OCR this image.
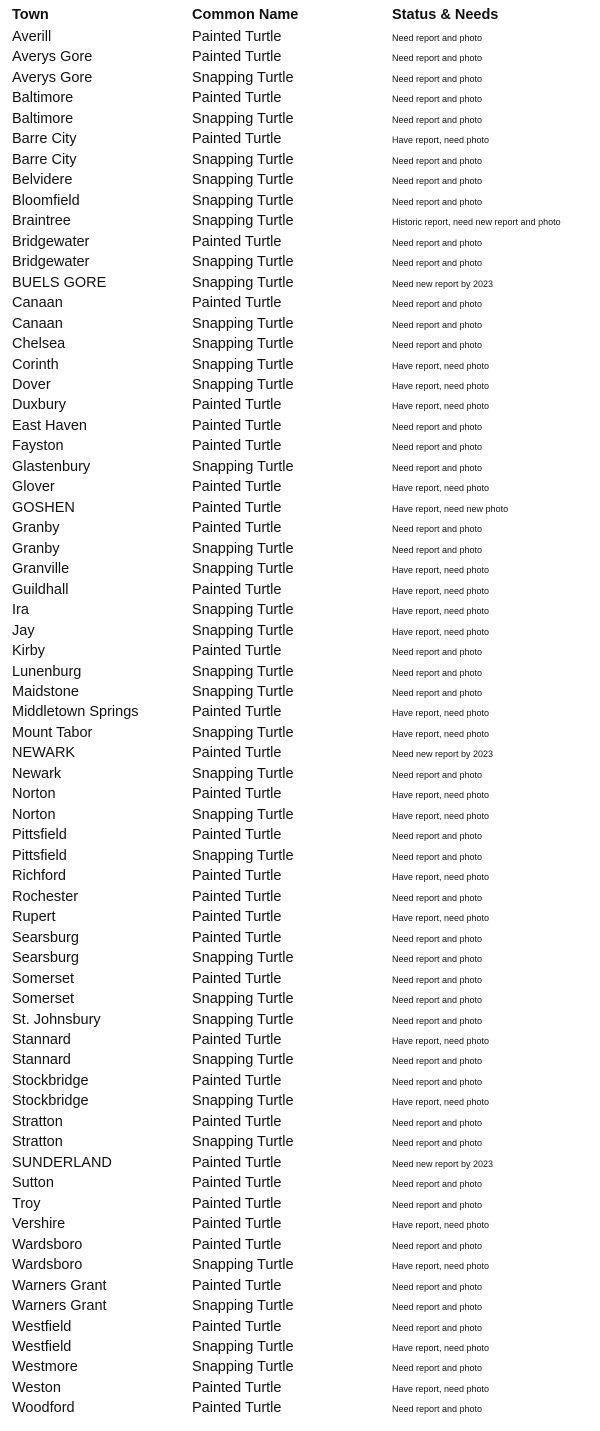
Town	Common Name	Status & Needs
Averill	Painted Turtle	Need report and photo
Averys Gore	Painted Turtle	Need report and photo
Averys Gore	Snapping Turtle	Need report and photo
Baltimore	Painted Turtle	Need report and photo
Baltimore	Snapping Turtle	Need report and photo
Barre City	Painted Turtle	Have report, need photo
Barre City	Snapping Turtle	Need report and photo
Belvidere	Snapping Turtle	Need report and photo
Bloomfield	Snapping Turtle	Need report and photo
Braintree	Snapping Turtle	Historic report, need new report and photo
Bridgewater	Painted Turtle	Need report and photo
Bridgewater	Snapping Turtle	Need report and photo
BUELS GORE	Snapping Turtle	Need new report by 2023
Canaan	Painted Turtle	Need report and photo
Canaan	Snapping Turtle	Need report and photo
Chelsea	Snapping Turtle	Need report and photo
Corinth	Snapping Turtle	Have report, need photo
Dover	Snapping Turtle	Have report, need photo
Duxbury	Painted Turtle	Have report, need photo
East Haven	Painted Turtle	Need report and photo
Fayston	Painted Turtle	Need report and photo
Glastenbury	Snapping Turtle	Need report and photo
Glover	Painted Turtle	Have report, need photo
GOSHEN	Painted Turtle	Have report, need new photo
Granby	Painted Turtle	Need report and photo
Granby	Snapping Turtle	Need report and photo
Granville	Snapping Turtle	Have report, need photo
Guildhall	Painted Turtle	Have report, need photo
Ira	Snapping Turtle	Have report, need photo
Jay	Snapping Turtle	Have report, need photo
Kirby	Painted Turtle	Need report and photo
Lunenburg	Snapping Turtle	Need report and photo
Maidstone	Snapping Turtle	Need report and photo
Middletown Springs	Painted Turtle	Have report, need photo
Mount Tabor	Snapping Turtle	Have report, need photo
NEWARK	Painted Turtle	Need new report by 2023
Newark	Snapping Turtle	Need report and photo
Norton	Painted Turtle	Have report, need photo
Norton	Snapping Turtle	Have report, need photo
Pittsfield	Painted Turtle	Need report and photo
Pittsfield	Snapping Turtle	Need report and photo
Richford	Painted Turtle	Have report, need photo
Rochester	Painted Turtle	Need report and photo
Rupert	Painted Turtle	Have report, need photo
Searsburg	Painted Turtle	Need report and photo
Searsburg	Snapping Turtle	Need report and photo
Somerset	Painted Turtle	Need report and photo
Somerset	Snapping Turtle	Need report and photo
St. Johnsbury	Snapping Turtle	Need report and photo
Stannard	Painted Turtle	Have report, need photo
Stannard	Snapping Turtle	Need report and photo
Stockbridge	Painted Turtle	Need report and photo
Stockbridge	Snapping Turtle	Have report, need photo
Stratton	Painted Turtle	Need report and photo
Stratton	Snapping Turtle	Need report and photo
SUNDERLAND	Painted Turtle	Need new report by 2023
Sutton	Painted Turtle	Need report and photo
Troy	Painted Turtle	Need report and photo
Vershire	Painted Turtle	Have report, need photo
Wardsboro	Painted Turtle	Need report and photo
Wardsboro	Snapping Turtle	Have report, need photo
Warners Grant	Painted Turtle	Need report and photo
Warners Grant	Snapping Turtle	Need report and photo
Westfield	Painted Turtle	Need report and photo
Westfield	Snapping Turtle	Have report, need photo
Westmore	Snapping Turtle	Need report and photo
Weston	Painted Turtle	Have report, need photo
Woodford	Painted Turtle	Need report and photo
